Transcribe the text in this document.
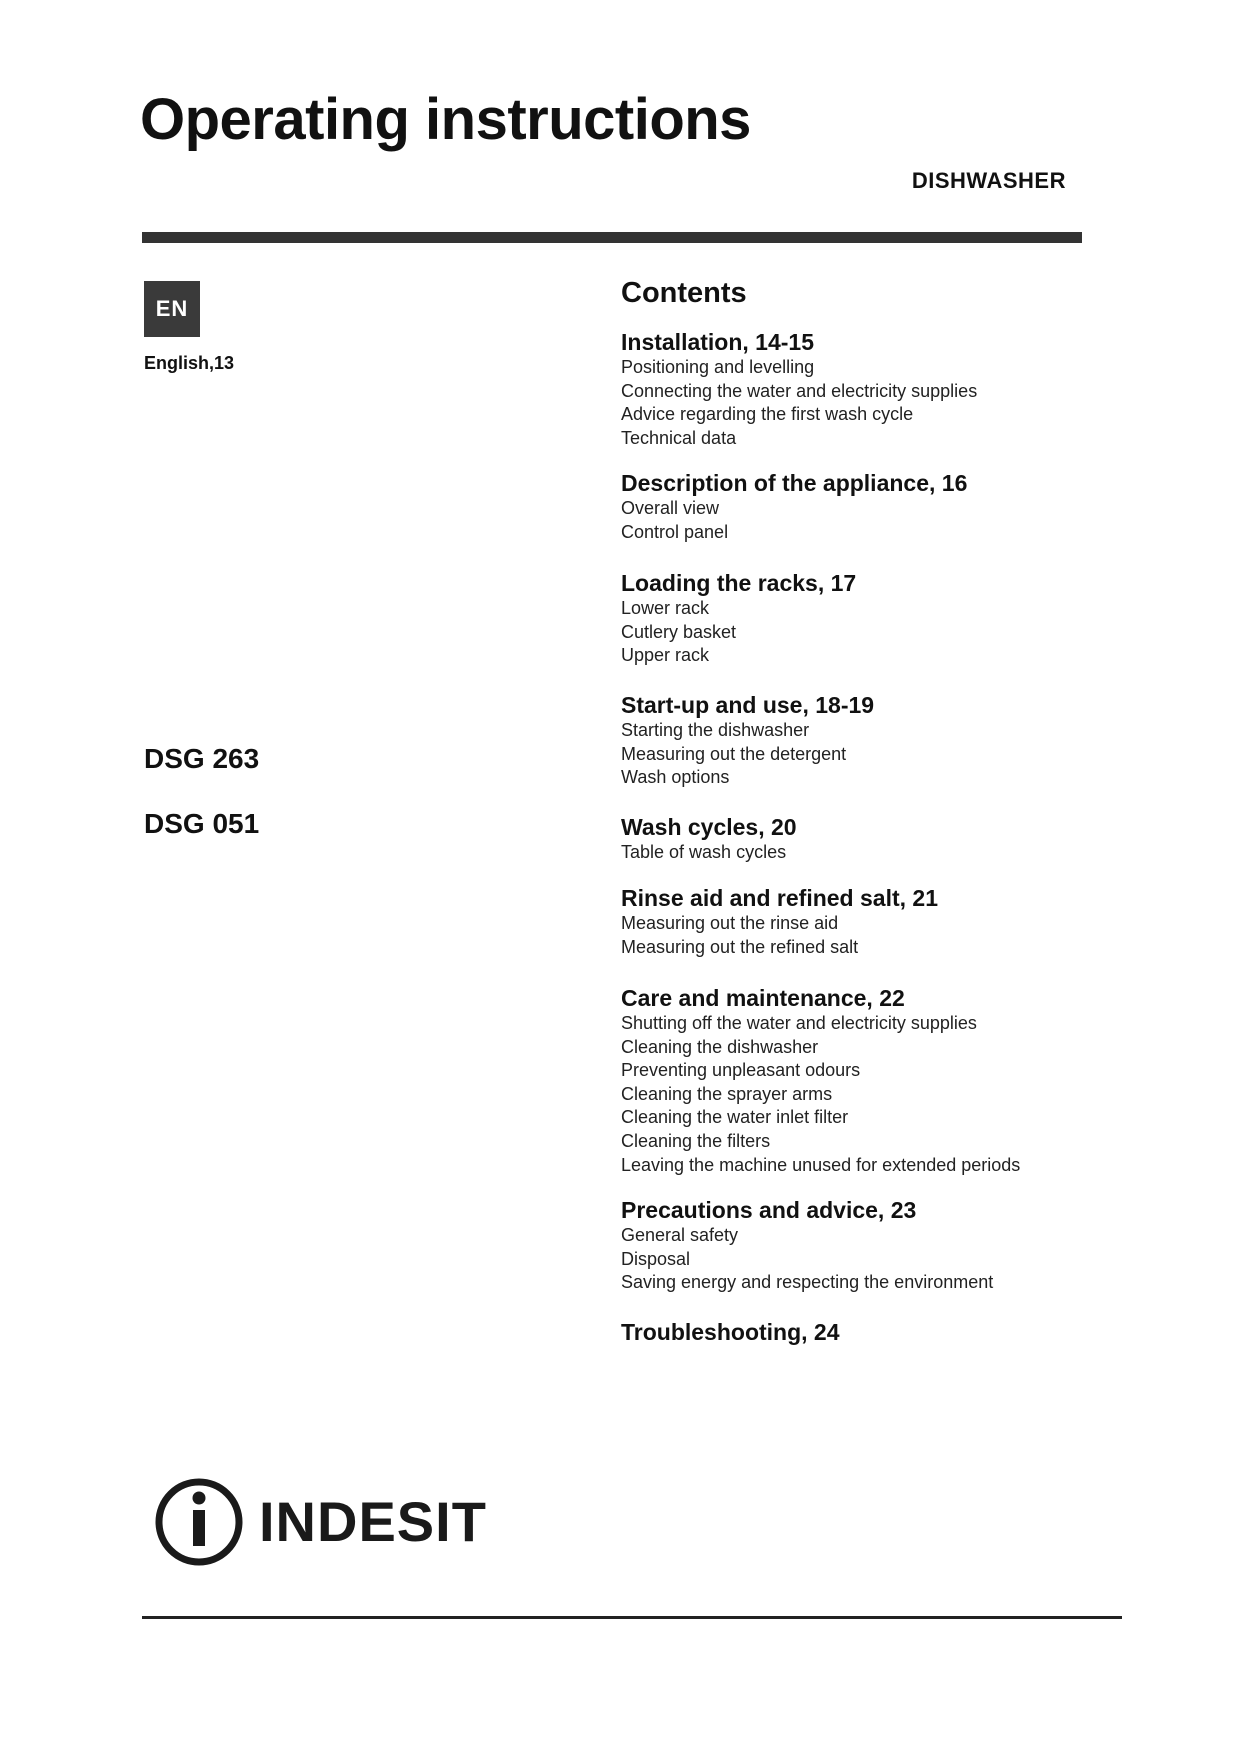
Operating instructions
DISHWASHER
EN
English,13
DSG 263
DSG 051
Contents
Installation, 14-15
Positioning and levelling
Connecting the water and electricity supplies
Advice regarding the first wash cycle
Technical data
Description of the appliance, 16
Overall view
Control panel
Loading the racks, 17
Lower rack
Cutlery basket
Upper rack
Start-up and use, 18-19
Starting the dishwasher
Measuring out the detergent
Wash options
Wash cycles, 20
Table of wash cycles
Rinse aid and refined salt, 21
Measuring out the rinse aid
Measuring out the refined salt
Care and maintenance, 22
Shutting off the water and electricity supplies
Cleaning the dishwasher
Preventing unpleasant odours
Cleaning the sprayer arms
Cleaning the water inlet filter
Cleaning the filters
Leaving the machine unused for extended periods
Precautions and advice, 23
General safety
Disposal
Saving energy and respecting the environment
Troubleshooting, 24
INDESIT
